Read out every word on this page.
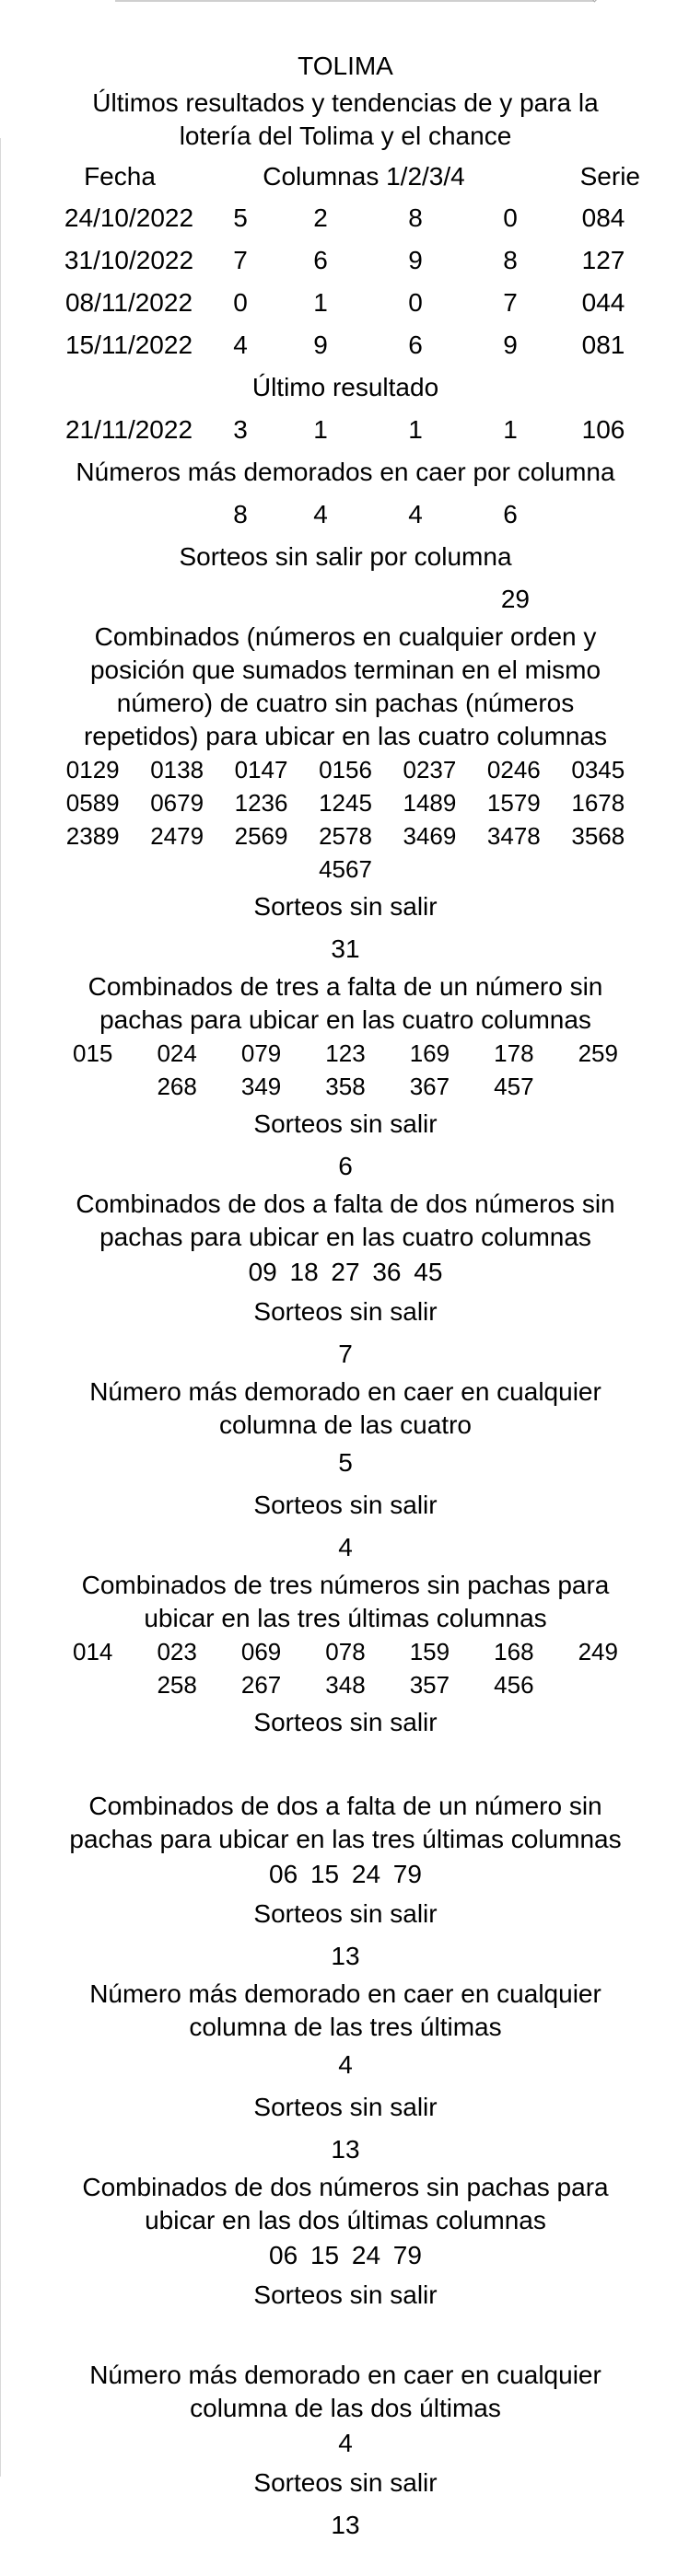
TOLIMA
Últimos resultados y tendencias de y para la lotería del Tolima y el chance
Fecha	Columnas 1/2/3/4	Serie
24/10/2022	5	2	8	0	084
31/10/2022	7	6	9	8	127
08/11/2022	0	1	0	7	044
15/11/2022	4	9	6	9	081
Último resultado
21/11/2022	3	1	1	1	106
Números más demorados en caer por columna
8	4	4	6
Sorteos sin salir por columna
29
Combinados (números en cualquier orden y posición que sumados terminan en el mismo número) de cuatro sin pachas (números repetidos) para ubicar en las cuatro columnas
0129	0138	0147	0156	0237	0246	0345
0589	0679	1236	1245	1489	1579	1678
2389	2479	2569	2578	3469	3478	3568
4567
Sorteos sin salir
31
Combinados de tres a falta de un número sin pachas para ubicar en las cuatro columnas
015	024	079	123	169	178	259
268	349	358	367	457
Sorteos sin salir
6
Combinados de dos a falta de dos números sin pachas para ubicar en las cuatro columnas
09 18 27 36 45
Sorteos sin salir
7
Número más demorado en caer en cualquier columna de las cuatro
5
Sorteos sin salir
4
Combinados de tres números sin pachas para ubicar en las tres últimas columnas
014	023	069	078	159	168	249
258	267	348	357	456
Sorteos sin salir
Combinados de dos a falta de un número sin pachas para ubicar en las tres últimas columnas
06 15 24 79
Sorteos sin salir
13
Número más demorado en caer en cualquier columna de las tres últimas
4
Sorteos sin salir
13
Combinados de dos números sin pachas para ubicar en las dos últimas columnas
06 15 24 79
Sorteos sin salir
Número más demorado en caer en cualquier columna de las dos últimas
4
Sorteos sin salir
13
